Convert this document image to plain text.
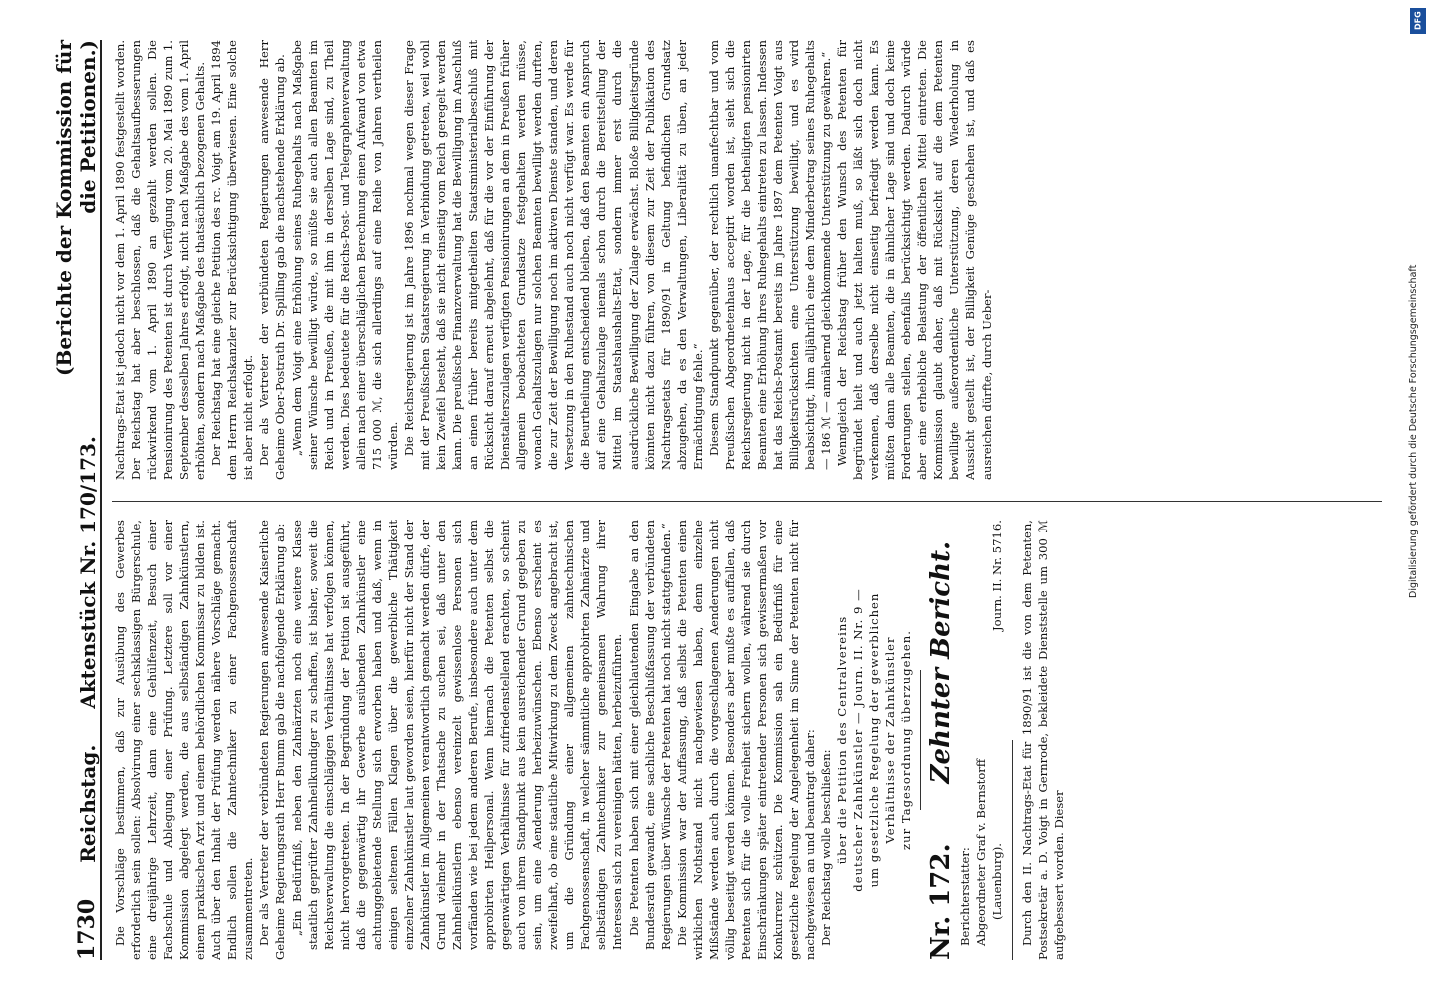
1730
Reichstag.
Aktenstück Nr. 170/173.
(Berichte der Kommission für die Petitionen.)

Die Vorschläge bestimmen, daß zur Ausübung des Gewerbes erforderlich sein sollen: Absolvirung einer sechsklassigen Bürgerschule, eine dreijährige Lehrzeit, dann eine Gehülfenzeit, Besuch einer Fachschule und Ablegung einer Prüfung. Letztere soll vor einer Kommission abgelegt werden, die aus selbständigen Zahnkünstlern, einem praktischen Arzt und einem behördlichen Kommissar zu bilden ist. Auch über den Inhalt der Prüfung werden nähere Vorschläge gemacht. Endlich sollen die Zahntechniker zu einer Fachgenossenschaft zusammentreten. Der als Vertreter der verbündeten Regierungen anwesende Kaiserliche Geheime Regierungsrath Herr Bumm gab die nachfolgende Erklärung ab: „Ein Bedürfniß, neben den Zahnärzten noch eine weitere Klasse staatlich geprüfter Zahnheilkundiger zu schaffen, ist bisher, soweit die Reichsverwaltung die einschlägigen Verhältnisse hat verfolgen können, nicht hervorgetreten. In der Begründung der Petition ist ausgeführt, daß die gegenwärtig ihr Gewerbe ausübenden Zahnkünstler eine achtunggebietende Stellung sich erworben haben und daß, wenn in einigen seltenen Fällen Klagen über die gewerbliche Thätigkeit einzelner Zahnkünstler laut geworden seien, hierfür nicht der Stand der Zahnkünstler im Allgemeinen verantwortlich gemacht werden dürfe, der Grund vielmehr in der Thatsache zu suchen sei, daß unter den Zahnheilkünstlern ebenso vereinzelt gewissenlose Personen sich vorfänden wie bei jedem anderen Berufe, insbesondere auch unter dem approbirten Heilpersonal. Wenn hiernach die Petenten selbst die gegenwärtigen Verhältnisse für zufriedenstellend erachten, so scheint auch von ihrem Standpunkt aus kein ausreichender Grund gegeben zu sein, um eine Aenderung herbeizuwünschen. Ebenso erscheint es zweifelhaft, ob eine staatliche Mitwirkung zu dem Zweck angebracht ist, um die Gründung einer allgemeinen zahntechnischen Fachgenossenschaft, in welcher sämmtliche approbirten Zahnärzte und selbständigen Zahntechniker zur gemeinsamen Wahrung ihrer Interessen sich zu vereinigen hätten, herbeizuführen. Die Petenten haben sich mit einer gleichlautenden Eingabe an den Bundesrath gewandt, eine sachliche Beschlußfassung der verbündeten Regierungen über Wünsche der Petenten hat noch nicht stattgefunden.“ Die Kommission war der Auffassung, daß selbst die Petenten einen wirklichen Nothstand nicht nachgewiesen haben, denn einzelne Mißstände werden auch durch die vorgeschlagenen Aenderungen nicht völlig beseitigt werden können. Besonders aber mußte es auffallen, daß Petenten sich für die volle Freiheit sichern wollen, während sie durch Einschränkungen später eintretender Personen sich gewissermaßen vor Konkurrenz schützen. Die Kommission sah ein Bedürfniß für eine gesetzliche Regelung der Angelegenheit im Sinne der Petenten nicht für nachgewiesen an und beantragt daher: Der Reichstag wolle beschließen: über die Petition des Centralvereins deutscher Zahnkünstler — Journ. II. Nr. 9 — um gesetzliche Regelung der gewerblichen Verhältnisse der Zahnkünstler zur Tagesordnung überzugehen.

Nr. 172.
Zehnter Bericht.

Berichterstatter: Abgeordneter Graf v. Bernstorff (Lauenburg).
Journ. II. Nr. 5716. Durch den II. Nachtrags-Etat für 1890/91 ist die von dem Petenten, Postsekretär a. D. Voigt in Gernrode, bekleidete Dienststelle um 300 ℳ aufgebessert worden. Dieser

Nachtrags-Etat ist jedoch nicht vor dem 1. April 1890 festgestellt worden. Der Reichstag hat aber beschlossen, daß die Gehaltsaufbesserungen rückwirkend vom 1. April 1890 an gezahlt werden sollen. Die Pensionirung des Petenten ist durch Verfügung vom 20. Mai 1890 zum 1. September desselben Jahres erfolgt, nicht nach Maßgabe des vom 1. April erhöhten, sondern nach Maßgabe des thatsächlich bezogenen Gehalts. Der Reichstag hat eine gleiche Petition des rc. Voigt am 19. April 1894 dem Herrn Reichskanzler zur Berücksichtigung überwiesen. Eine solche ist aber nicht erfolgt. Der als Vertreter der verbündeten Regierungen anwesende Herr Geheime Ober-Postrath Dr. Spilling gab die nachstehende Erklärung ab. „Wenn dem Voigt eine Erhöhung seines Ruhegehalts nach Maßgabe seiner Wünsche bewilligt würde, so müßte sie auch allen Beamten im Reich und in Preußen, die mit ihm in derselben Lage sind, zu Theil werden. Dies bedeutete für die Reichs-Post- und Telegraphenverwaltung allein nach einer überschläglichen Berechnung einen Aufwand von etwa 715 000 ℳ, die sich allerdings auf eine Reihe von Jahren vertheilen würden. Die Reichsregierung ist im Jahre 1896 nochmal wegen dieser Frage mit der Preußischen Staatsregierung in Verbindung getreten, weil wohl kein Zweifel besteht, daß sie nicht einseitig vom Reich geregelt werden kann. Die preußische Finanzverwaltung hat die Bewilligung im Anschluß an einen früher bereits mitgetheilten Staatsministerialbeschluß mit Rücksicht darauf erneut abgelehnt, daß für die vor der Einführung der Dienstalterszulagen verfügten Pensionirungen an dem in Preußen früher allgemein beobachteten Grundsatze festgehalten werden müsse, wonach Gehaltszulagen nur solchen Beamten bewilligt werden durften, die zur Zeit der Bewilligung noch im aktiven Dienste standen, und deren Versetzung in den Ruhestand auch noch nicht verfügt war. Es werde für die Beurtheilung entscheidend bleiben, daß den Beamten ein Anspruch auf eine Gehaltszulage niemals schon durch die Bereitstellung der Mittel im Staatshaushalts-Etat, sondern immer erst durch die ausdrückliche Bewilligung der Zulage erwächst. Bloße Billigkeitsgründe könnten nicht dazu führen, von diesem zur Zeit der Publikation des Nachtragsetats für 1890/91 in Geltung befindlichen Grundsatz abzugehen, da es den Verwaltungen, Liberalität zu üben, an jeder Ermächtigung fehle.“ Diesem Standpunkt gegenüber, der rechtlich unanfechtbar und vom Preußischen Abgeordnetenhaus acceptirt worden ist, sieht sich die Reichsregierung nicht in der Lage, für die betheiligten pensionirten Beamten eine Erhöhung ihres Ruhegehalts eintreten zu lassen. Indessen hat das Reichs-Postamt bereits im Jahre 1897 dem Petenten Voigt aus Billigkeitsrücksichten eine Unterstützung bewilligt, und es wird beabsichtigt, ihm alljährlich eine dem Minderbetrag seines Ruhegehalts — 186 ℳ — annähernd gleichkommende Unterstützung zu gewähren.“ Wenngleich der Reichstag früher den Wunsch des Petenten für begründet hielt und auch jetzt halten muß, so läßt sich doch nicht verkennen, daß derselbe nicht einseitig befriedigt werden kann. Es müßten dann alle Beamten, die in ähnlicher Lage sind und doch keine Forderungen stellen, ebenfalls berücksichtigt werden. Dadurch würde aber eine erhebliche Belastung der öffentlichen Mittel eintreten. Die Kommission glaubt daher, daß mit Rücksicht auf die dem Petenten bewilligte außerordentliche Unterstützung, deren Wiederholung in Aussicht gestellt ist, der Billigkeit Genüge geschehen ist, und daß es ausreichen dürfte, durch Ueber-

DFG
Digitalisierung gefördert durch die Deutsche Forschungsgemeinschaft
